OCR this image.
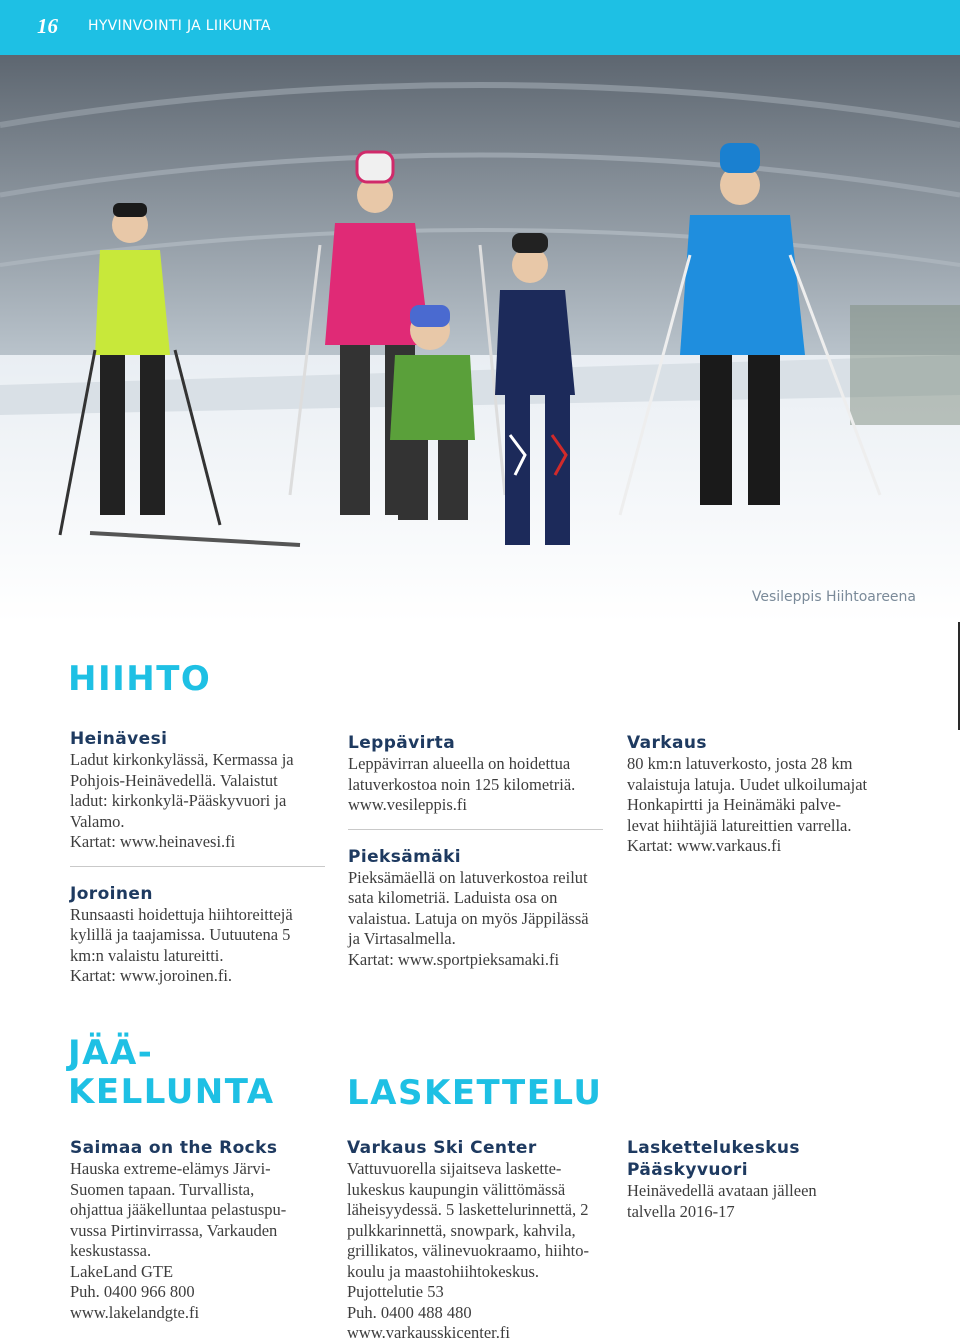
16 HYVINVOINTI JA LIIKUNTA
Vesileppis Hiihtoareena
HIIHTO
Heinävesi
Ladut kirkonkylässä, Kermassa ja
Pohjois-Heinävedellä. Valaistut
ladut: kirkonkylä-Pääskyvuori ja
Valamo.
Kartat: www.heinavesi.fi
Joroinen
Runsaasti hoidettuja hiihtoreittejä
kylillä ja taajamissa. Uutuutena 5
km:n valaistu latureitti.
Kartat: www.joroinen.fi.
Leppävirta
Leppävirran alueella on hoidettua
latuverkostoa noin 125 kilometriä.
www.vesileppis.fi
Pieksämäki
Pieksämäellä on latuverkostoa reilut
sata kilometriä. Laduista osa on
valaistua. Latuja on myös Jäppilässä
ja Virtasalmella.
Kartat: www.sportpieksamaki.fi
Varkaus
80 km:n latuverkosto, josta 28 km
valaistuja latuja. Uudet ulkoilumajat
Honkapirtti ja Heinämäki palve-
levat hiihtäjiä latureittien varrella.
Kartat: www.varkaus.fi
JÄÄ-
KELLUNTA LASKETTELU
Saimaa on the Rocks
Hauska extreme-elämys Järvi-
Suomen tapaan. Turvallista,
ohjattua jääkelluntaa pelastuspu-
vussa Pirtinvirrassa, Varkauden
keskustassa.
LakeLand GTE
Puh. 0400 966 800
www.lakelandgte.fi
Varkaus Ski Center
Vattuvuorella sijaitseva laskette-
lukeskus kaupungin välittömässä
läheisyydessä. 5 laskettelurinnettä, 2
pulkkarinnettä, snowpark, kahvila,
grillikatos, välinevuokraamo, hiihto-
koulu ja maastohiihtokeskus.
Pujottelutie 53
Puh. 0400 488 480
www.varkausskicenter.fi
Laskettelukeskus
Pääskyvuori
Heinävedellä avataan jälleen
talvella 2016-17
